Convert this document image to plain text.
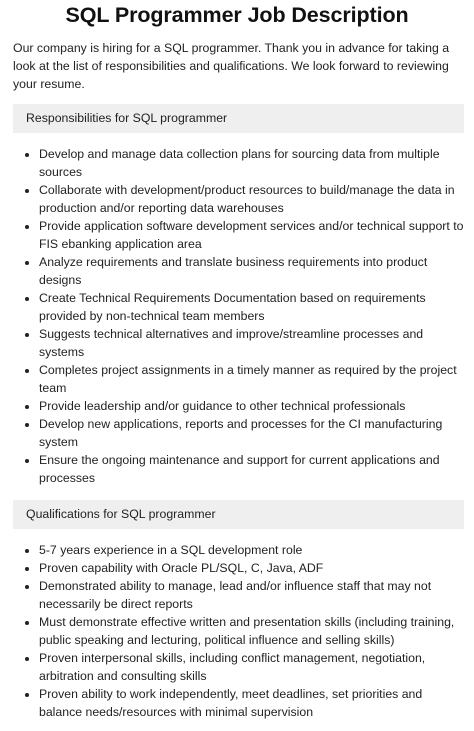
SQL Programmer Job Description

Our company is hiring for a SQL programmer. Thank you in advance for taking a look at the list of responsibilities and qualifications. We look forward to reviewing your resume.

Responsibilities for SQL programmer
Develop and manage data collection plans for sourcing data from multiple sources
Collaborate with development/product resources to build/manage the data in production and/or reporting data warehouses
Provide application software development services and/or technical support to FIS ebanking application area
Analyze requirements and translate business requirements into product designs
Create Technical Requirements Documentation based on requirements provided by non-technical team members
Suggests technical alternatives and improve/streamline processes and systems
Completes project assignments in a timely manner as required by the project team
Provide leadership and/or guidance to other technical professionals
Develop new applications, reports and processes for the CI manufacturing system
Ensure the ongoing maintenance and support for current applications and processes
Qualifications for SQL programmer
5-7 years experience in a SQL development role
Proven capability with Oracle PL/SQL, C, Java, ADF
Demonstrated ability to manage, lead and/or influence staff that may not necessarily be direct reports
Must demonstrate effective written and presentation skills (including training, public speaking and lecturing, political influence and selling skills)
Proven interpersonal skills, including conflict management, negotiation, arbitration and consulting skills
Proven ability to work independently, meet deadlines, set priorities and balance needs/resources with minimal supervision
